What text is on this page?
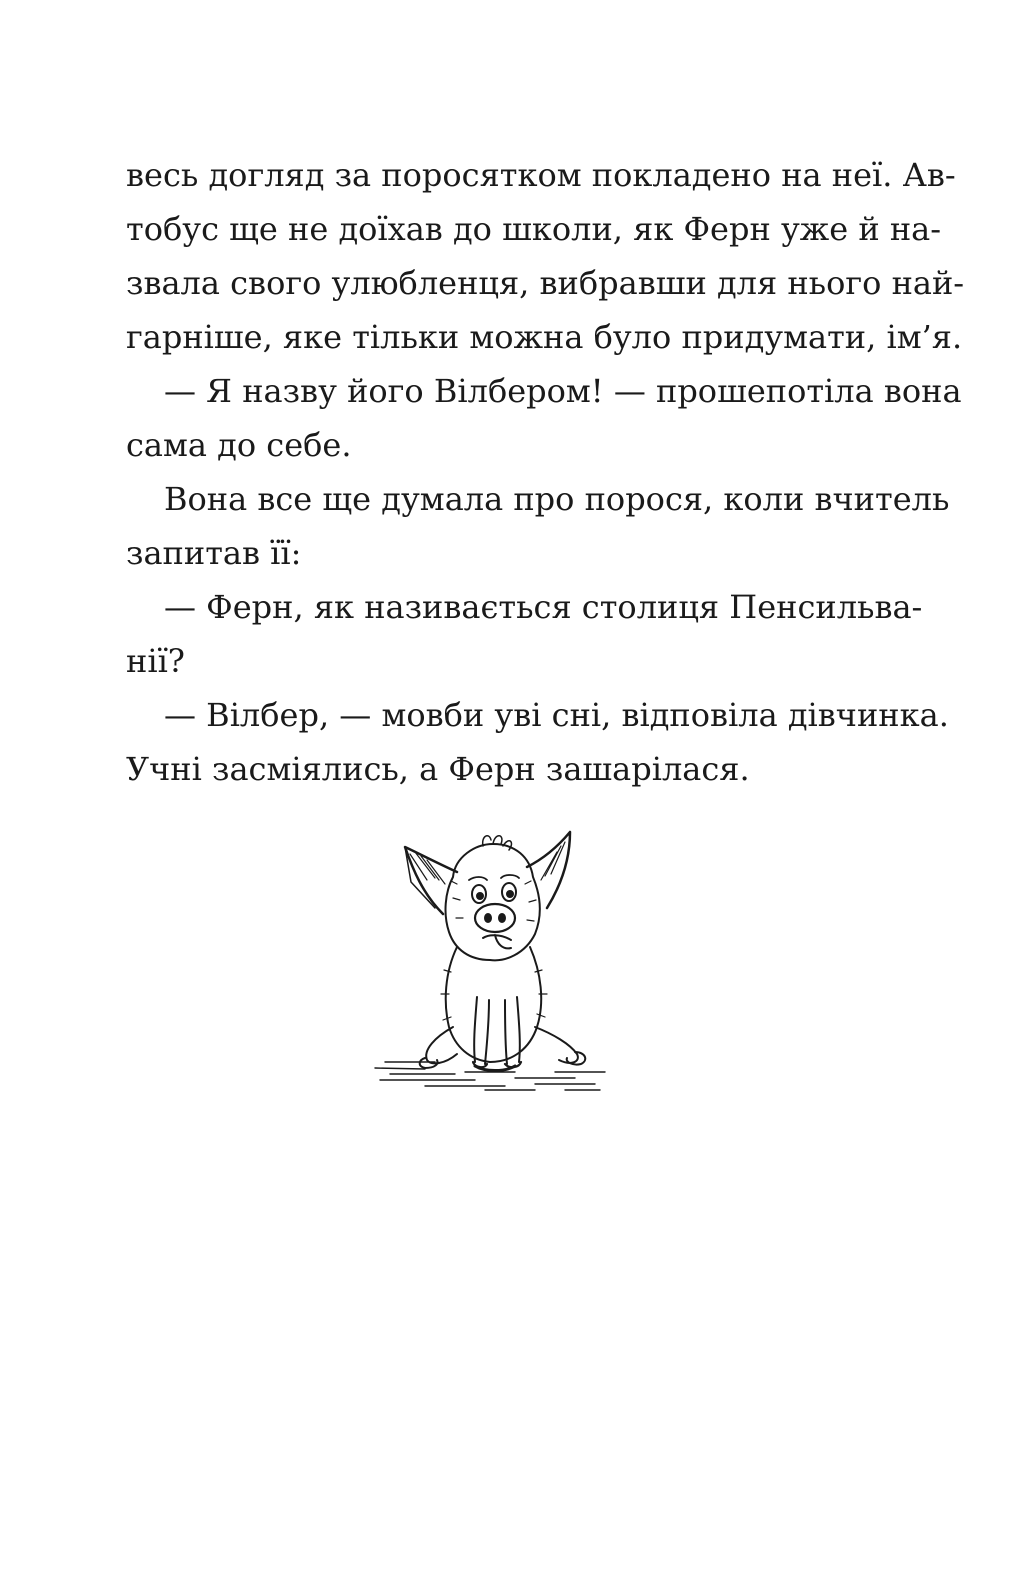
весь догляд за поросятком покладено на неї. Ав-
тобус ще не доїхав до школи, як Ферн уже й на-
звала свого улюбленця, вибравши для нього най-
гарніше, яке тільки можна було придумати, ім’я.
— Я назву його Вілбером! — прошепотіла вона
сама до себе.
Вона все ще думала про порося, коли вчитель
запитав її:
— Ферн, як називається столиця Пенсильва-
нії?
— Вілбер, — мовби уві сні, відповіла дівчинка.
Учні засміялись, а Ферн зашарілася.
